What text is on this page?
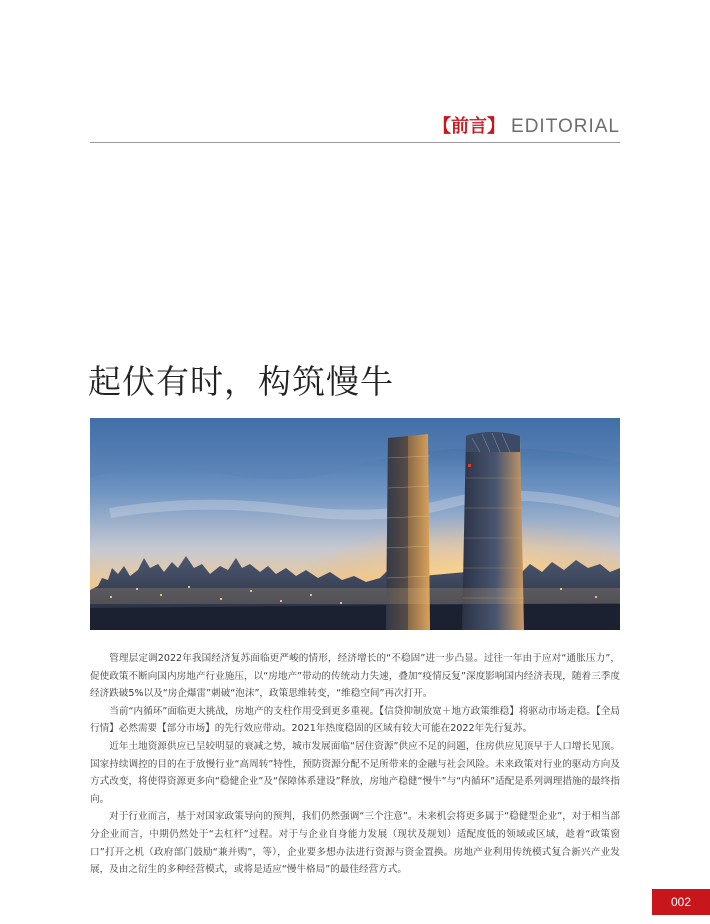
【前言】 EDITORIAL
起伏有时，构筑慢牛

管理层定调2022年我国经济复苏面临更严峻的情形，经济增长的“不稳固”进一步凸显。过往一年由于应对“通胀压力”，促使政策不断向国内房地产行业施压，以“房地产”带动的传统动力失速，叠加“疫情反复”深度影响国内经济表现，随着三季度经济跌破5%以及“房企爆雷”刺破“泡沫”，政策思维转变，“维稳空间”再次打开。

当前“内循环”面临更大挑战，房地产的支柱作用受到更多重视。【信贷抑制放宽＋地方政策维稳】将驱动市场走稳。【全局行情】必然需要【部分市场】的先行效应带动。2021年热度稳固的区域有较大可能在2022年先行复苏。

近年土地资源供应已呈较明显的衰减之势，城市发展面临“居住资源”供应不足的问题，住房供应见顶早于人口增长见顶。国家持续调控的目的在于放慢行业“高周转”特性，预防资源分配不足所带来的金融与社会风险。未来政策对行业的驱动方向及方式改变，将使得资源更多向“稳健企业”及“保障体系建设”释放，房地产稳健“慢牛”与“内循环”适配是系列调理措施的最终指向。

对于行业而言，基于对国家政策导向的预判，我们仍然强调“三个注意”。未来机会将更多属于“稳健型企业”，对于相当部分企业而言，中期仍然处于“去杠杆”过程。对于与企业自身能力发展（现状及规划）适配度低的领域或区域，趁着“政策窗口”打开之机（政府部门鼓励“兼并购”，等），企业要多想办法进行资源与资金置换。房地产业利用传统模式复合新兴产业发展，及由之衍生的多种经营模式，或将是适应“慢牛格局”的最佳经营方式。

002
